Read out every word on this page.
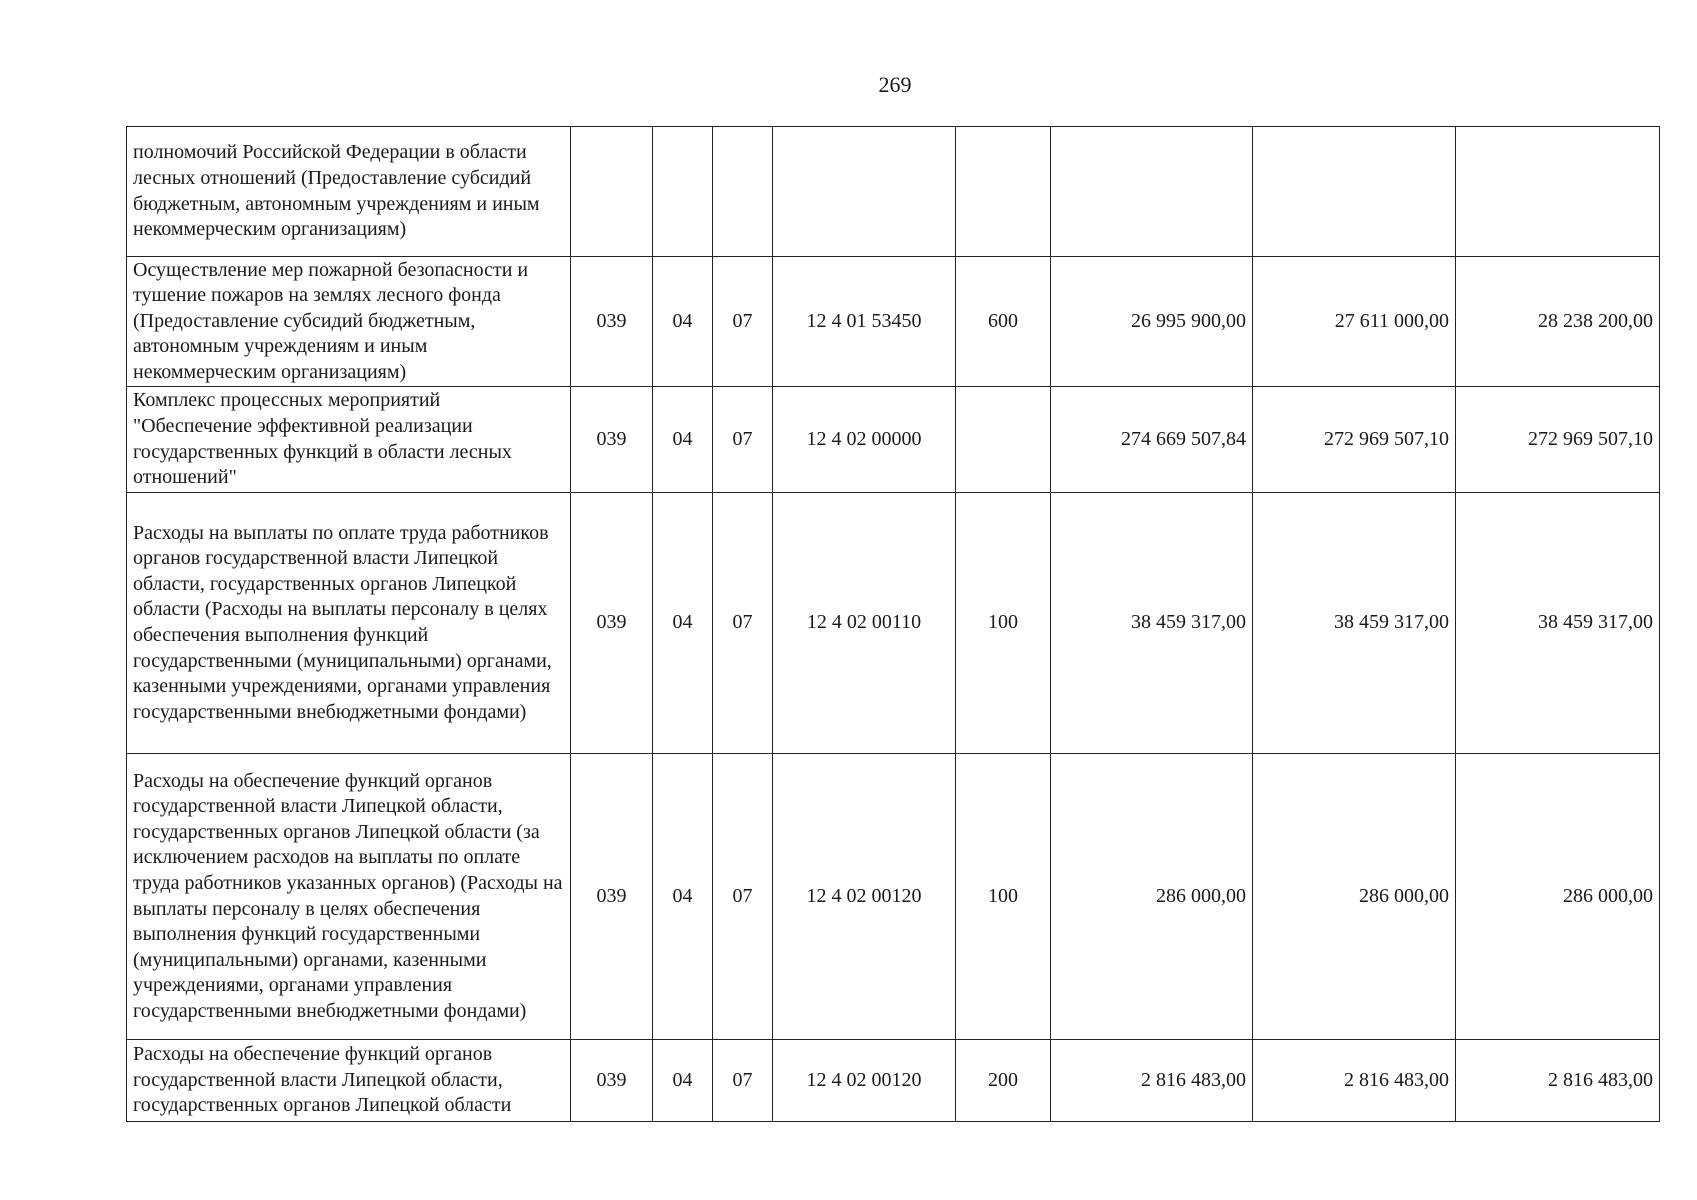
269
полномочий Российской Федерации в области лесных отношений (Предоставление субсидий бюджетным, автономным учреждениям и иным некоммерческим организациям)								
Осуществление мер пожарной безопасности и тушение пожаров на землях лесного фонда (Предоставление субсидий бюджетным, автономным учреждениям и иным некоммерческим организациям)	039	04	07	12 4 01 53450	600	26 995 900,00	27 611 000,00	28 238 200,00
Комплекс процессных мероприятий "Обеспечение эффективной реализации государственных функций в области лесных отношений"	039	04	07	12 4 02 00000		274 669 507,84	272 969 507,10	272 969 507,10
Расходы на выплаты по оплате труда работников органов государственной власти Липецкой области, государственных органов Липецкой области (Расходы на выплаты персоналу в целях обеспечения выполнения функций государственными (муниципальными) органами, казенными учреждениями, органами управления государственными внебюджетными фондами)	039	04	07	12 4 02 00110	100	38 459 317,00	38 459 317,00	38 459 317,00
Расходы на обеспечение функций органов государственной власти Липецкой области, государственных органов Липецкой области (за исключением расходов на выплаты по оплате труда работников указанных органов) (Расходы на выплаты персоналу в целях обеспечения выполнения функций государственными (муниципальными) органами, казенными учреждениями, органами управления государственными внебюджетными фондами)	039	04	07	12 4 02 00120	100	286 000,00	286 000,00	286 000,00
Расходы на обеспечение функций органов государственной власти Липецкой области, государственных органов Липецкой области	039	04	07	12 4 02 00120	200	2 816 483,00	2 816 483,00	2 816 483,00
